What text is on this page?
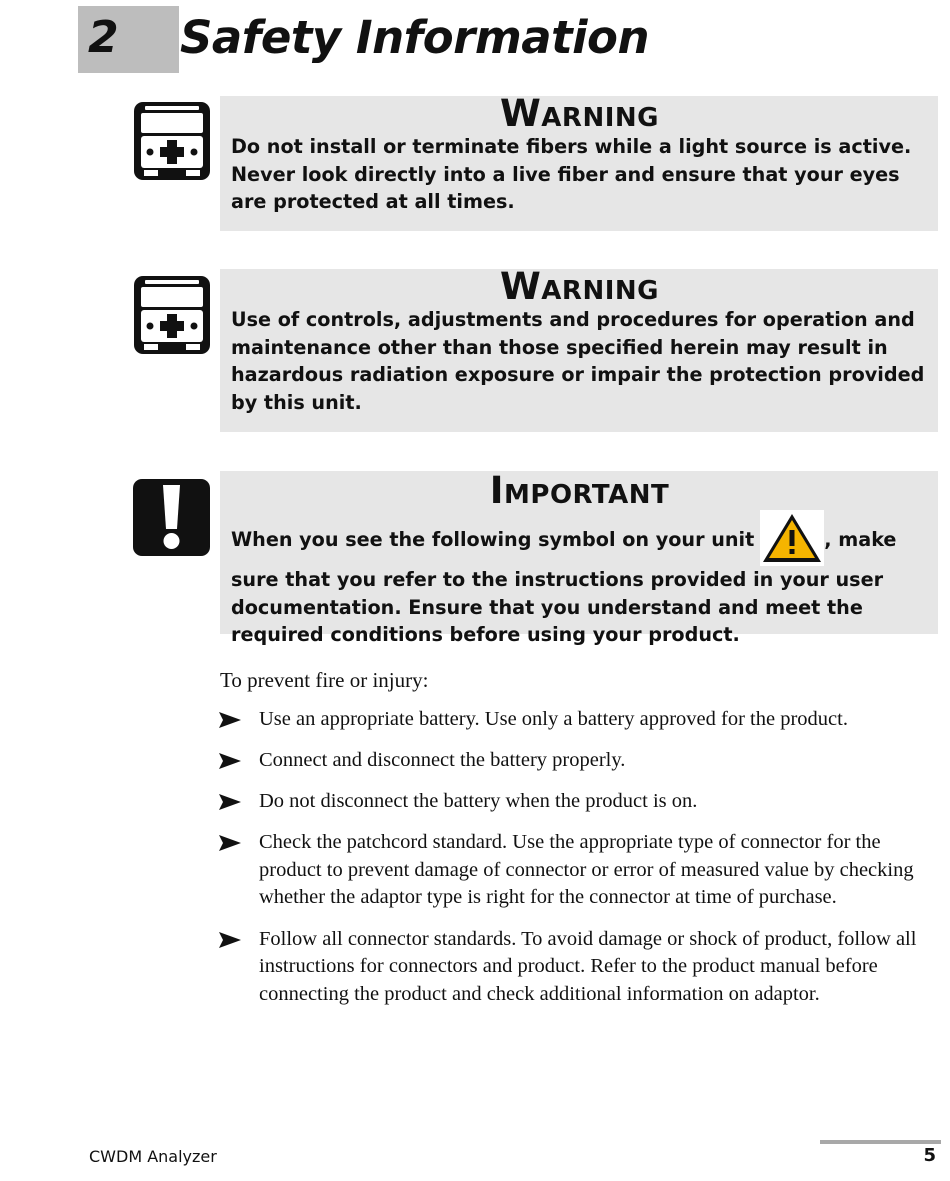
2 Safety Information
Warning
Do not install or terminate fibers while a light source is active. Never look directly into a live fiber and ensure that your eyes are protected at all times.
Warning
Use of controls, adjustments and procedures for operation and maintenance other than those specified herein may result in hazardous radiation exposure or impair the protection provided by this unit.
Important
When you see the following symbol on your unit	, make sure that you refer to the instructions provided in your user documentation. Ensure that you understand and meet the required conditions before using your product.
To prevent fire or injury:
Use an appropriate battery. Use only a battery approved for the product.
Connect and disconnect the battery properly.
Do not disconnect the battery when the product is on.
Check the patchcord standard. Use the appropriate type of connector for the product to prevent damage of connector or error of measured value by checking whether the adaptor type is right for the connector at time of purchase.
Follow all connector standards. To avoid damage or shock of product, follow all instructions for connectors and product. Refer to the product manual before connecting the product and check additional information on adaptor.
CWDM Analyzer	5
